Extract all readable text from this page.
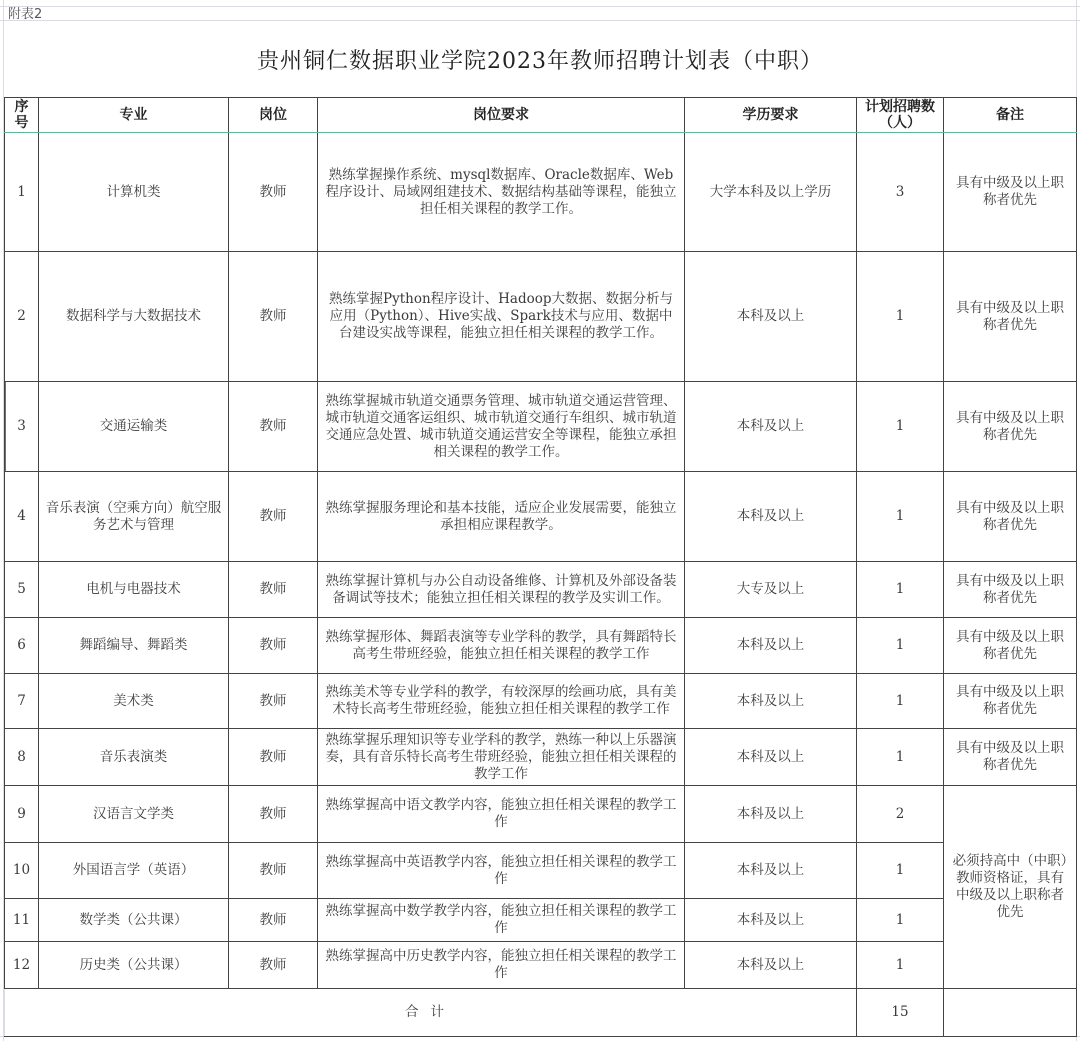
附表2
贵州铜仁数据职业学院2023年教师招聘计划表（中职）
序号	专业	岗位	岗位要求	学历要求	计划招聘数（人）	备注
1	计算机类	教师	熟练掌握操作系统、mysql数据库、Oracle数据库、Web程序设计、局域网组建技术、数据结构基础等课程，能独立担任相关课程的教学工作。	大学本科及以上学历	3	具有中级及以上职称者优先
2	数据科学与大数据技术	教师	熟练掌握Python程序设计、Hadoop大数据、数据分析与应用（Python）、Hive实战、Spark技术与应用、数据中台建设实战等课程，能独立担任相关课程的教学工作。	本科及以上	1	具有中级及以上职称者优先
3	交通运输类	教师	熟练掌握城市轨道交通票务管理、城市轨道交通运营管理、城市轨道交通客运组织、城市轨道交通行车组织、城市轨道交通应急处置、城市轨道交通运营安全等课程，能独立承担相关课程的教学工作。	本科及以上	1	具有中级及以上职称者优先
4	音乐表演（空乘方向）航空服务艺术与管理	教师	熟练掌握服务理论和基本技能，适应企业发展需要，能独立承担相应课程教学。	本科及以上	1	具有中级及以上职称者优先
5	电机与电器技术	教师	熟练掌握计算机与办公自动设备维修、计算机及外部设备装备调试等技术；能独立担任相关课程的教学及实训工作。	大专及以上	1	具有中级及以上职称者优先
6	舞蹈编导、舞蹈类	教师	熟练掌握形体、舞蹈表演等专业学科的教学，具有舞蹈特长高考生带班经验，能独立担任相关课程的教学工作	本科及以上	1	具有中级及以上职称者优先
7	美术类	教师	熟练美术等专业学科的教学，有较深厚的绘画功底，具有美术特长高考生带班经验，能独立担任相关课程的教学工作	本科及以上	1	具有中级及以上职称者优先
8	音乐表演类	教师	熟练掌握乐理知识等专业学科的教学，熟练一种以上乐器演奏，具有音乐特长高考生带班经验，能独立担任相关课程的教学工作	本科及以上	1	具有中级及以上职称者优先
9	汉语言文学类	教师	熟练掌握高中语文教学内容，能独立担任相关课程的教学工作	本科及以上	2	必须持高中（中职）教师资格证，具有中级及以上职称者优先
10	外国语言学（英语）	教师	熟练掌握高中英语教学内容，能独立担任相关课程的教学工作	本科及以上	1	
11	数学类（公共课）	教师	熟练掌握高中数学教学内容，能独立担任相关课程的教学工作	本科及以上	1	
12	历史类（公共课）	教师	熟练掌握高中历史教学内容，能独立担任相关课程的教学工作	本科及以上	1	
合计					15	
